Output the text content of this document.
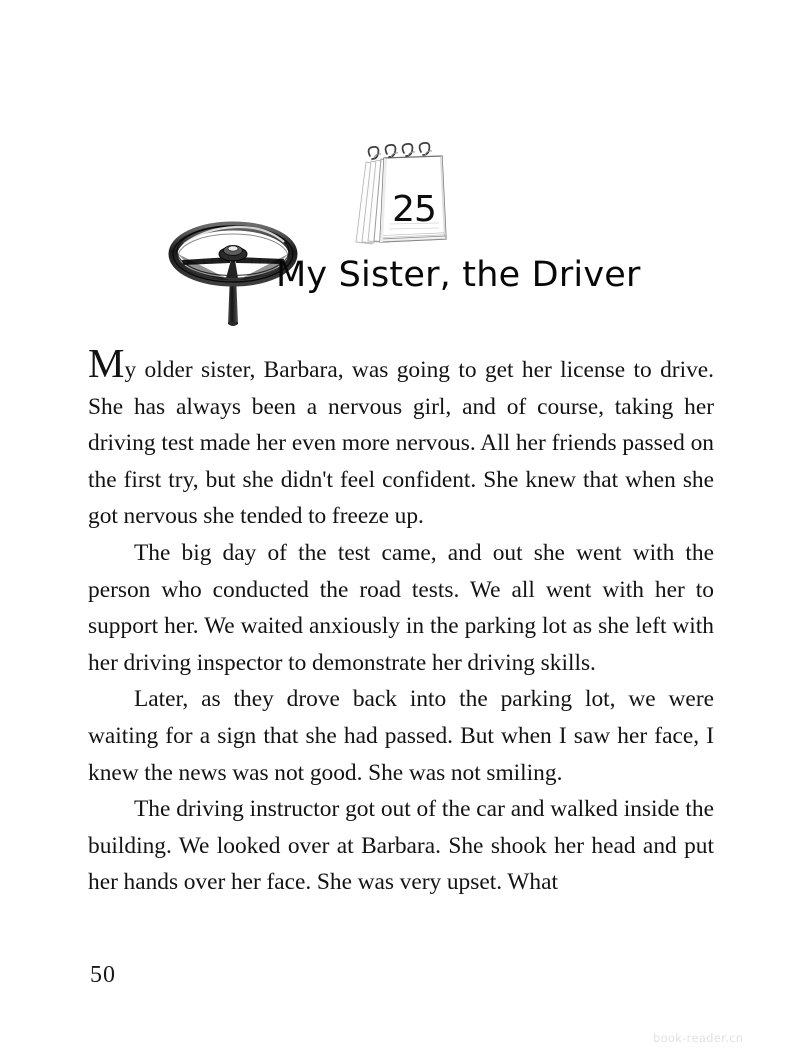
25
My Sister, the Driver

My older sister, Barbara, was going to get her license to drive. She has always been a nervous girl, and of course, taking her driving test made her even more nervous. All her friends passed on the first try, but she didn't feel confident. She knew that when she got nervous she tended to freeze up.

The big day of the test came, and out she went with the person who conducted the road tests. We all went with her to support her. We waited anxiously in the parking lot as she left with her driving inspector to demonstrate her driving skills.

Later, as they drove back into the parking lot, we were waiting for a sign that she had passed. But when I saw her face, I knew the news was not good. She was not smiling.

The driving instructor got out of the car and walked inside the building. We looked over at Barbara. She shook her head and put her hands over her face. She was very upset. What

50
book-reader.cn
